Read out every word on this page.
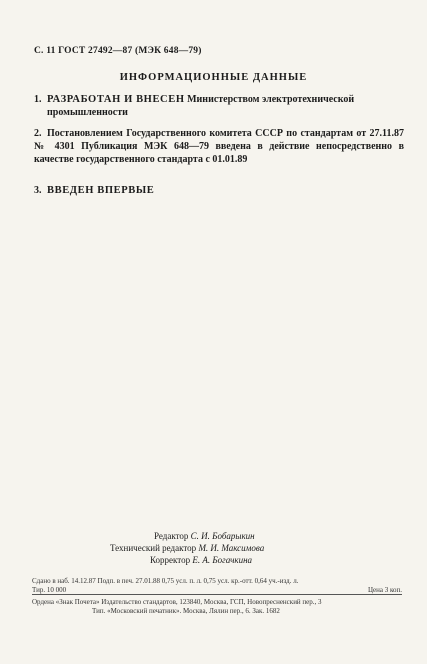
С. 11 ГОСТ 27492—87 (МЭК 648—79)
ИНФОРМАЦИОННЫЕ ДАННЫЕ
1. РАЗРАБОТАН И ВНЕСЕН Министерством электротехнической
промышленности
2. Постановлением Государственного комитета СССР по стандартам от 27.11.87 № 4301 Публикация МЭК 648—79 введена в действие непосредственно в качестве государственного стандарта с 01.01.89
3. ВВЕДЕН ВПЕРВЫЕ
Редактор С. И. Бобарыкин
Технический редактор М. И. Максимова
Корректор Е. А. Богачкина
Сдано в наб. 14.12.87 Подп. в печ. 27.01.88 0,75 усл. п. л. 0,75 усл. кр.-отт. 0,64 уч.-изд. л.
Тир. 10 000	Цена 3 коп.
Ордена «Знак Почета» Издательство стандартов, 123840, Москва, ГСП, Новопресненский пер., 3
Тип. «Московский печатник». Москва, Лялин пер., 6. Зак. 1682
